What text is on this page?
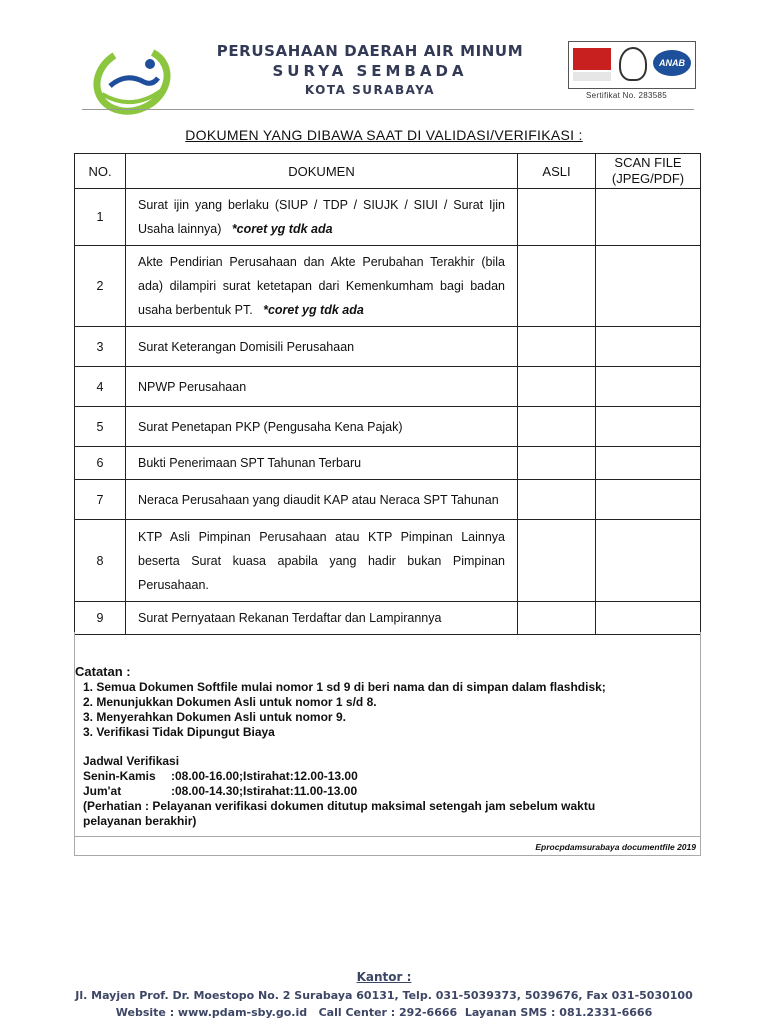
PERUSAHAAN DAERAH AIR MINUM
SURYA SEMBADA
KOTA SURABAYA
ANAB
Sertifikat No. 283585
DOKUMEN YANG DIBAWA SAAT DI VALIDASI/VERIFIKASI :
NO.	DOKUMEN	ASLI	SCAN FILE
(JPEG/PDF)

1	Surat ijin yang berlaku (SIUP / TDP / SIUJK / SIUI / Surat Ijin Usaha lainnya) *coret yg tdk ada		
2	Akte Pendirian Perusahaan dan Akte Perubahan Terakhir (bila ada) dilampiri surat ketetapan dari Kemenkumham bagi badan usaha berbentuk PT. *coret yg tdk ada		
3	Surat Keterangan Domisili Perusahaan		
4	NPWP Perusahaan		
5	Surat Penetapan PKP (Pengusaha Kena Pajak)		
6	Bukti Penerimaan SPT Tahunan Terbaru		
7	Neraca Perusahaan yang diaudit KAP atau Neraca SPT Tahunan		
8	KTP Asli Pimpinan Perusahaan atau KTP Pimpinan Lainnya beserta Surat kuasa apabila yang hadir bukan Pimpinan Perusahaan.		
9	Surat Pernyataan Rekanan Terdaftar dan Lampirannya		
Catatan :
1. Semua Dokumen Softfile mulai nomor 1 sd 9 di beri nama dan di simpan dalam flashdisk;
2. Menunjukkan Dokumen Asli untuk nomor 1 s/d 8.
3. Menyerahkan Dokumen Asli untuk nomor 9.
3. Verifikasi Tidak Dipungut Biaya
Jadwal Verifikasi
Senin-Kamis	:08.00-16.00;Istirahat:12.00-13.00
Jum'at	:08.00-14.30;Istirahat:11.00-13.00
(Perhatian : Pelayanan verifikasi dokumen ditutup maksimal setengah jam sebelum waktu pelayanan berakhir)
Eprocpdamsurabaya documentfile 2019
Kantor :
Jl. Mayjen Prof. Dr. Moestopo No. 2 Surabaya 60131, Telp. 031-5039373, 5039676, Fax 031-5030100
Website : www.pdam-sby.go.id   Call Center : 292-6666  Layanan SMS : 081.2331-6666
